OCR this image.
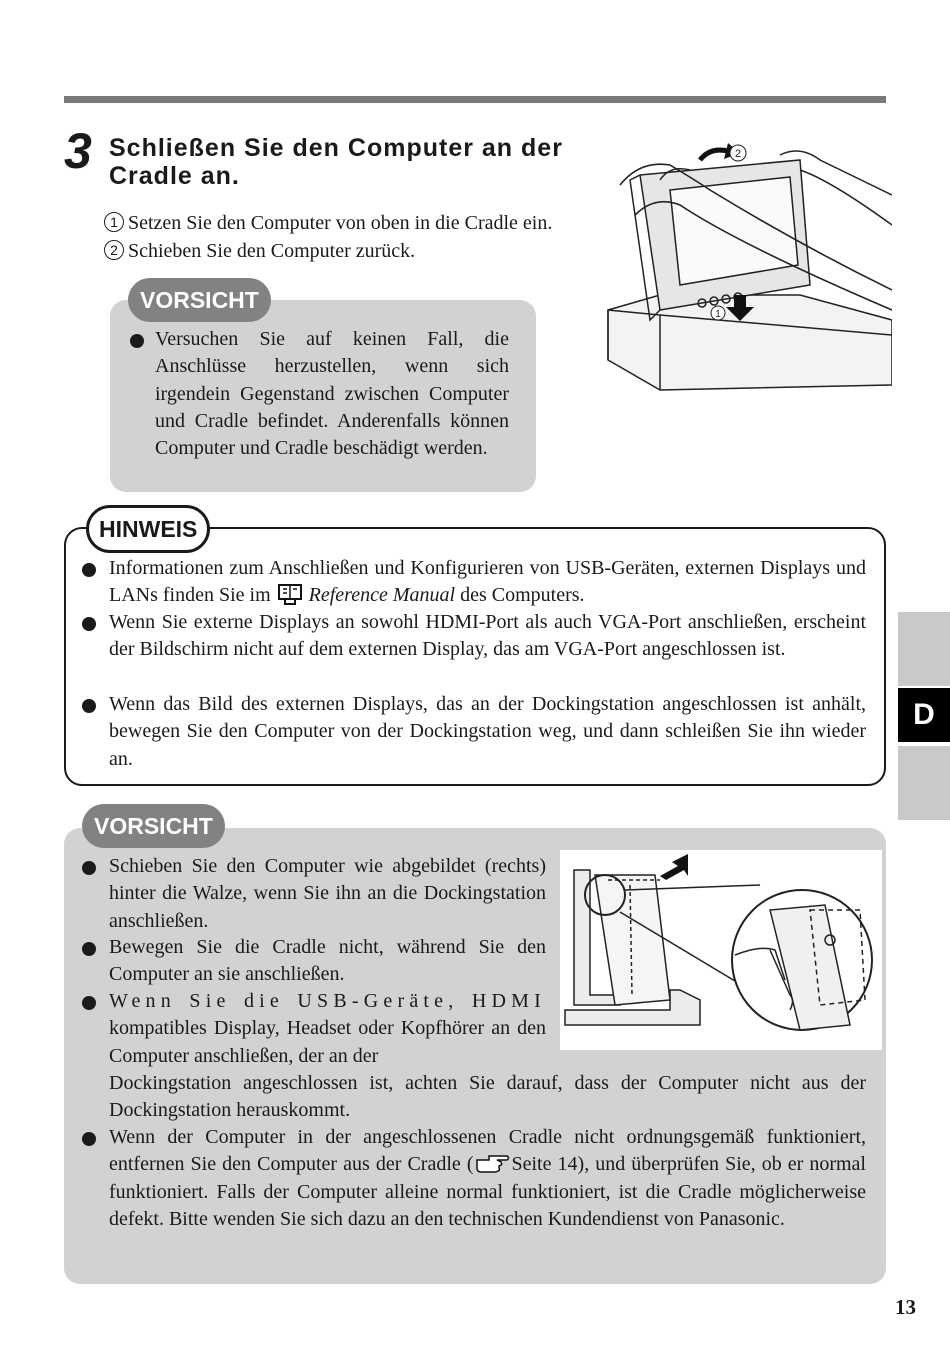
3 Schließen Sie den Computer an der Cradle an.
1 Setzen Sie den Computer von oben in die Cradle ein.
2 Schieben Sie den Computer zurück.
2
1
VORSICHT
Versuchen Sie auf keinen Fall, die Anschlüsse herzustellen, wenn sich irgendein Gegenstand zwischen Computer und Cradle befindet. Anderenfalls können Computer und Cradle beschädigt werden.
HINWEIS
Informationen zum Anschließen und Konfigurieren von USB-Geräten, externen Displays und LANs finden Sie im Reference Manual des Computers.
Wenn Sie externe Displays an sowohl HDMI-Port als auch VGA-Port anschließen, erscheint der Bildschirm nicht auf dem externen Display, das am VGA-Port angeschlossen ist.
Wenn das Bild des externen Displays, das an der Dockingstation angeschlossen ist anhält, bewegen Sie den Computer von der Dockingstation weg, und dann schleißen Sie ihn wieder an.
VORSICHT
Schieben Sie den Computer wie abgebildet (rechts) hinter die Walze, wenn Sie ihn an die Dockingstation anschließen.
Bewegen Sie die Cradle nicht, während Sie den Computer an sie anschließen.
Wenn Sie die USB-Geräte, HDMI kompatibles Display, Headset oder Kopfhörer an den Computer anschließen, der an der
Dockingstation angeschlossen ist, achten Sie darauf, dass der Computer nicht aus der Dockingstation herauskommt.
Wenn der Computer in der angeschlossenen Cradle nicht ordnungsgemäß funktioniert, entfernen Sie den Computer aus der Cradle ( Seite 14), und überprüfen Sie, ob er normal funktioniert. Falls der Computer alleine normal funktioniert, ist die Cradle möglicherweise defekt. Bitte wenden Sie sich dazu an den technischen Kundendienst von Panasonic.
D
13
